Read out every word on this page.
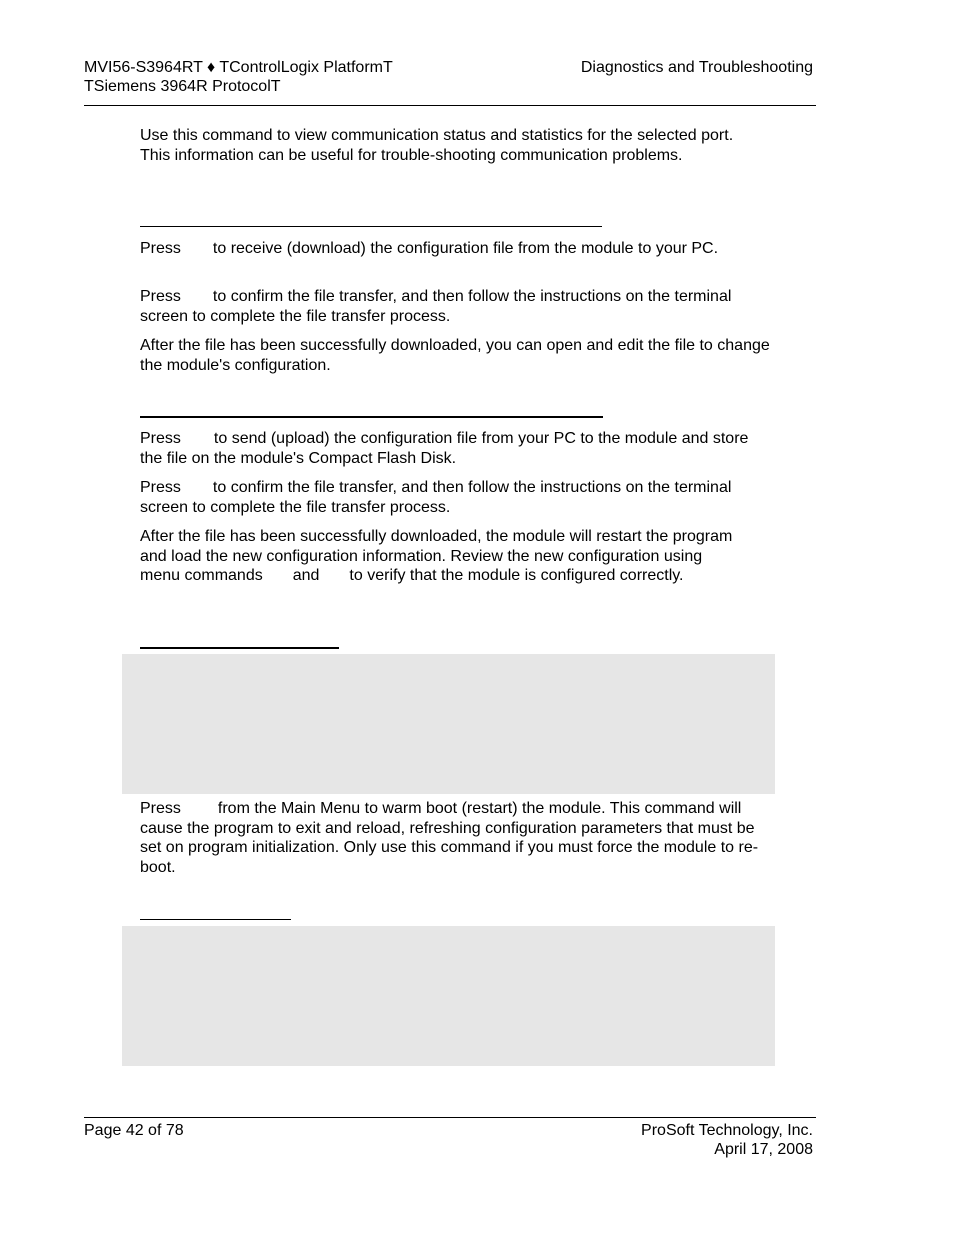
MVI56-S3964RT ♦ TControlLogix PlatformT
TSiemens 3964R ProtocolT
Diagnostics and Troubleshooting
Use this command to view communication status and statistics for the selected port. This information can be useful for trouble-shooting communication problems.
Press to receive (download) the configuration file from the module to your PC.
Press to confirm the file transfer, and then follow the instructions on the terminal screen to complete the file transfer process.
After the file has been successfully downloaded, you can open and edit the file to change the module's configuration.
Press to send (upload) the configuration file from your PC to the module and store the file on the module's Compact Flash Disk.
Press to confirm the file transfer, and then follow the instructions on the terminal screen to complete the file transfer process.
After the file has been successfully downloaded, the module will restart the program and load the new configuration information. Review the new configuration using menu commands and to verify that the module is configured correctly.
Press from the Main Menu to warm boot (restart) the module. This command will cause the program to exit and reload, refreshing configuration parameters that must be set on program initialization. Only use this command if you must force the module to re-boot.
Page 42 of 78	ProSoft Technology, Inc.
April 17, 2008
